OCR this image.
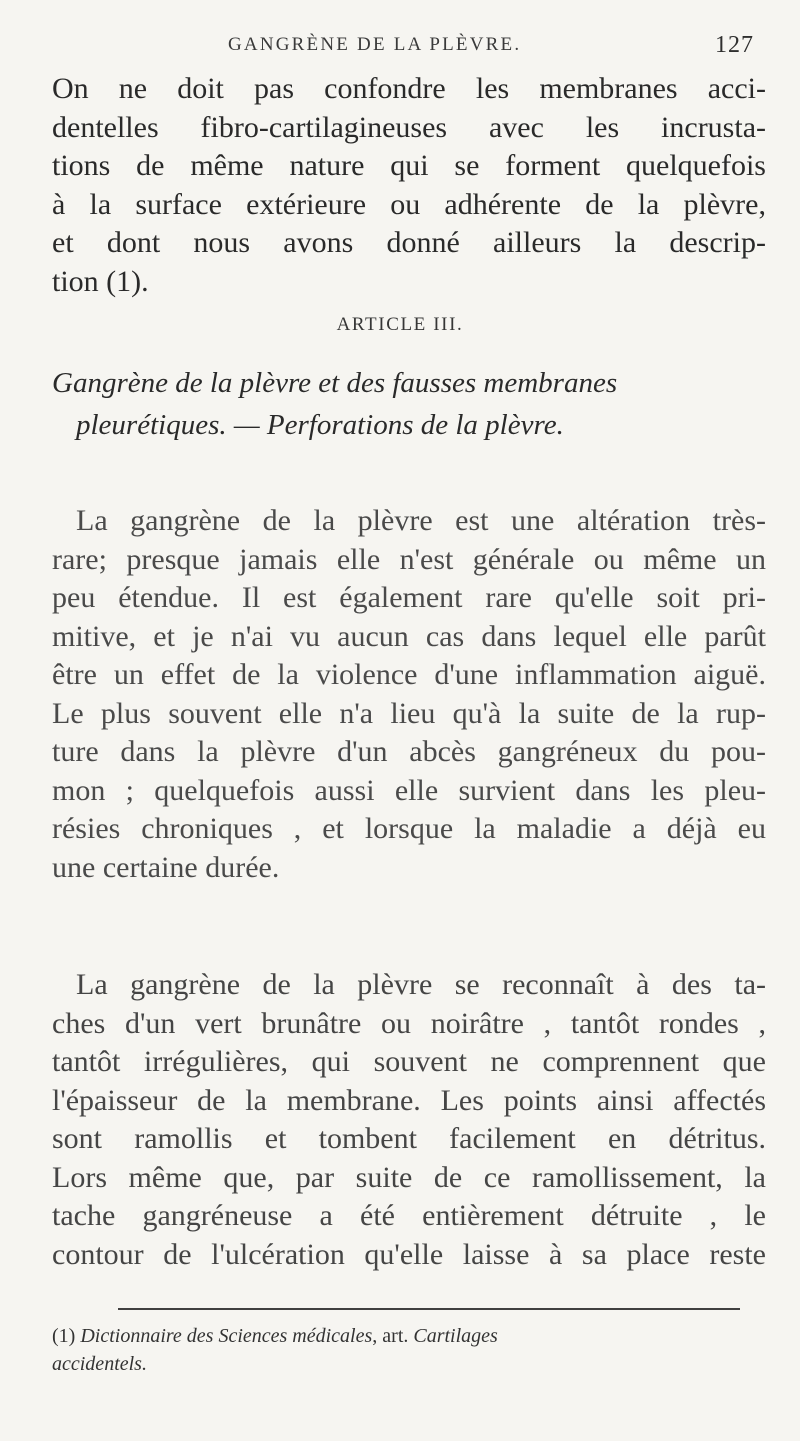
GANGRÈNE DE LA PLÈVRE.	127
On ne doit pas confondre les membranes acci-
dentelles fibro-cartilagineuses avec les incrusta-
tions de même nature qui se forment quelquefois
à la surface extérieure ou adhérente de la plèvre,
et dont nous avons donné ailleurs la descrip-
tion (1).
ARTICLE III.
Gangrène de la plèvre et des fausses membranes
pleurétiques. — Perforations de la plèvre.
La gangrène de la plèvre est une altération très-
rare; presque jamais elle n'est générale ou même un
peu étendue. Il est également rare qu'elle soit pri-
mitive, et je n'ai vu aucun cas dans lequel elle parût
être un effet de la violence d'une inflammation aiguë.
Le plus souvent elle n'a lieu qu'à la suite de la rup-
ture dans la plèvre d'un abcès gangréneux du pou-
mon ; quelquefois aussi elle survient dans les pleu-
résies chroniques , et lorsque la maladie a déjà eu
une certaine durée.
La gangrène de la plèvre se reconnaît à des ta-
ches d'un vert brunâtre ou noirâtre , tantôt rondes ,
tantôt irrégulières, qui souvent ne comprennent que
l'épaisseur de la membrane. Les points ainsi affectés
sont ramollis et tombent facilement en détritus.
Lors même que, par suite de ce ramollissement, la
tache gangréneuse a été entièrement détruite , le
contour de l'ulcération qu'elle laisse à sa place reste
(1) Dictionnaire des Sciences médicales, art. Cartilages
accidentels.
